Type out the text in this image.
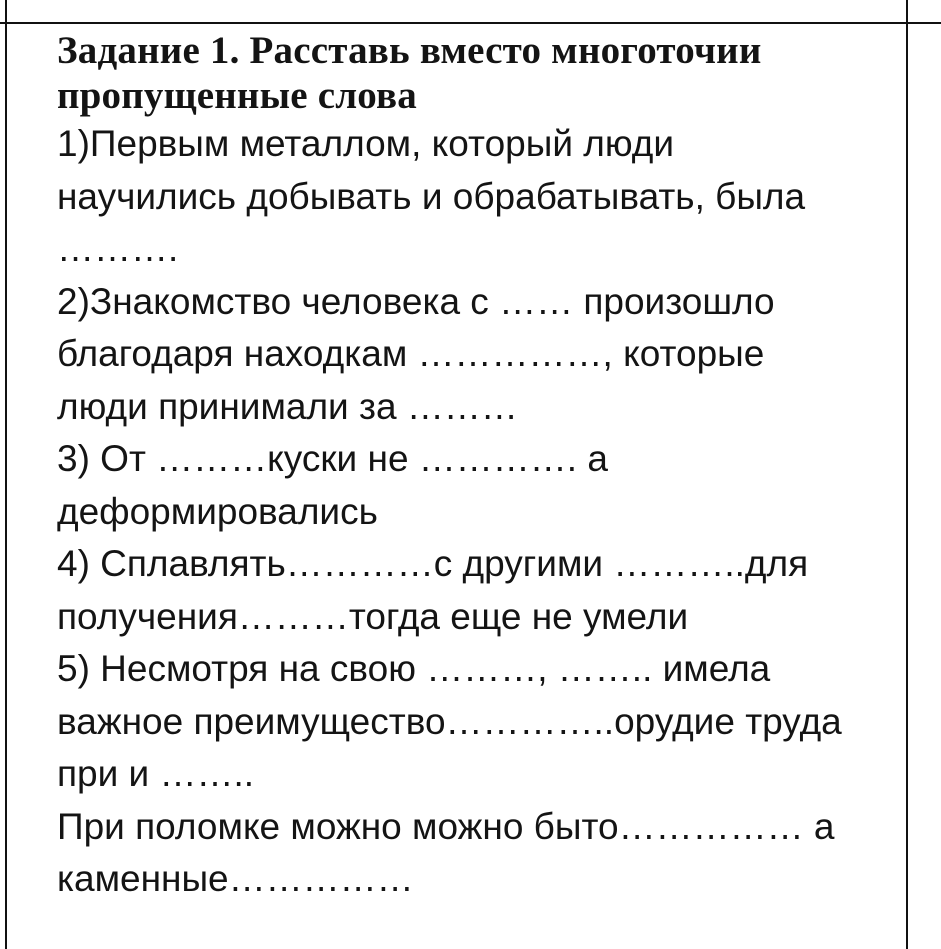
Задание 1. Расставь вместо многоточии
пропущенные слова
1)Первым металлом, который люди
научились добывать и обрабатывать, была
……….
2)Знакомство человека с …… произошло
благодаря находкам ……………, которые
люди принимали за ………
3) От ………куски не …………. а
деформировались
4) Сплавлять…………с другими ………..для
получения………тогда еще не умели
5) Несмотря на свою ………, …….. имела
важное преимущество…………..орудие труда
при и ……..
При поломке можно можно быто…………… а
каменные……………
